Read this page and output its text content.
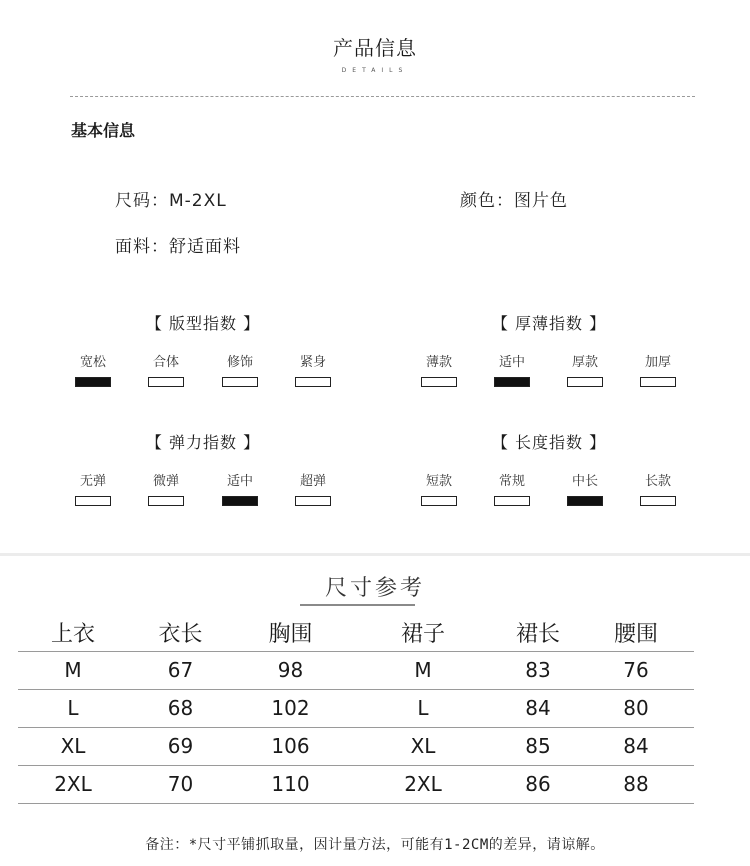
产品信息
DETAILS
基本信息
尺码：M-2XL	颜色：图片色
面料：舒适面料
【 版型指数 】
宽松	合体	修饰	紧身
【 厚薄指数 】
薄款	适中	厚款	加厚
【 弹力指数 】
无弹	微弹	适中	超弹
【 长度指数 】
短款	常规	中长	长款
尺寸参考
上衣	衣长	胸围	裙子	裙长	腰围
M	67	98	M	83	76
L	68	102	L	84	80
XL	69	106	XL	85	84
2XL	70	110	2XL	86	88
备注：*尺寸平铺抓取量，因计量方法，可能有1-2CM的差异，请谅解。
